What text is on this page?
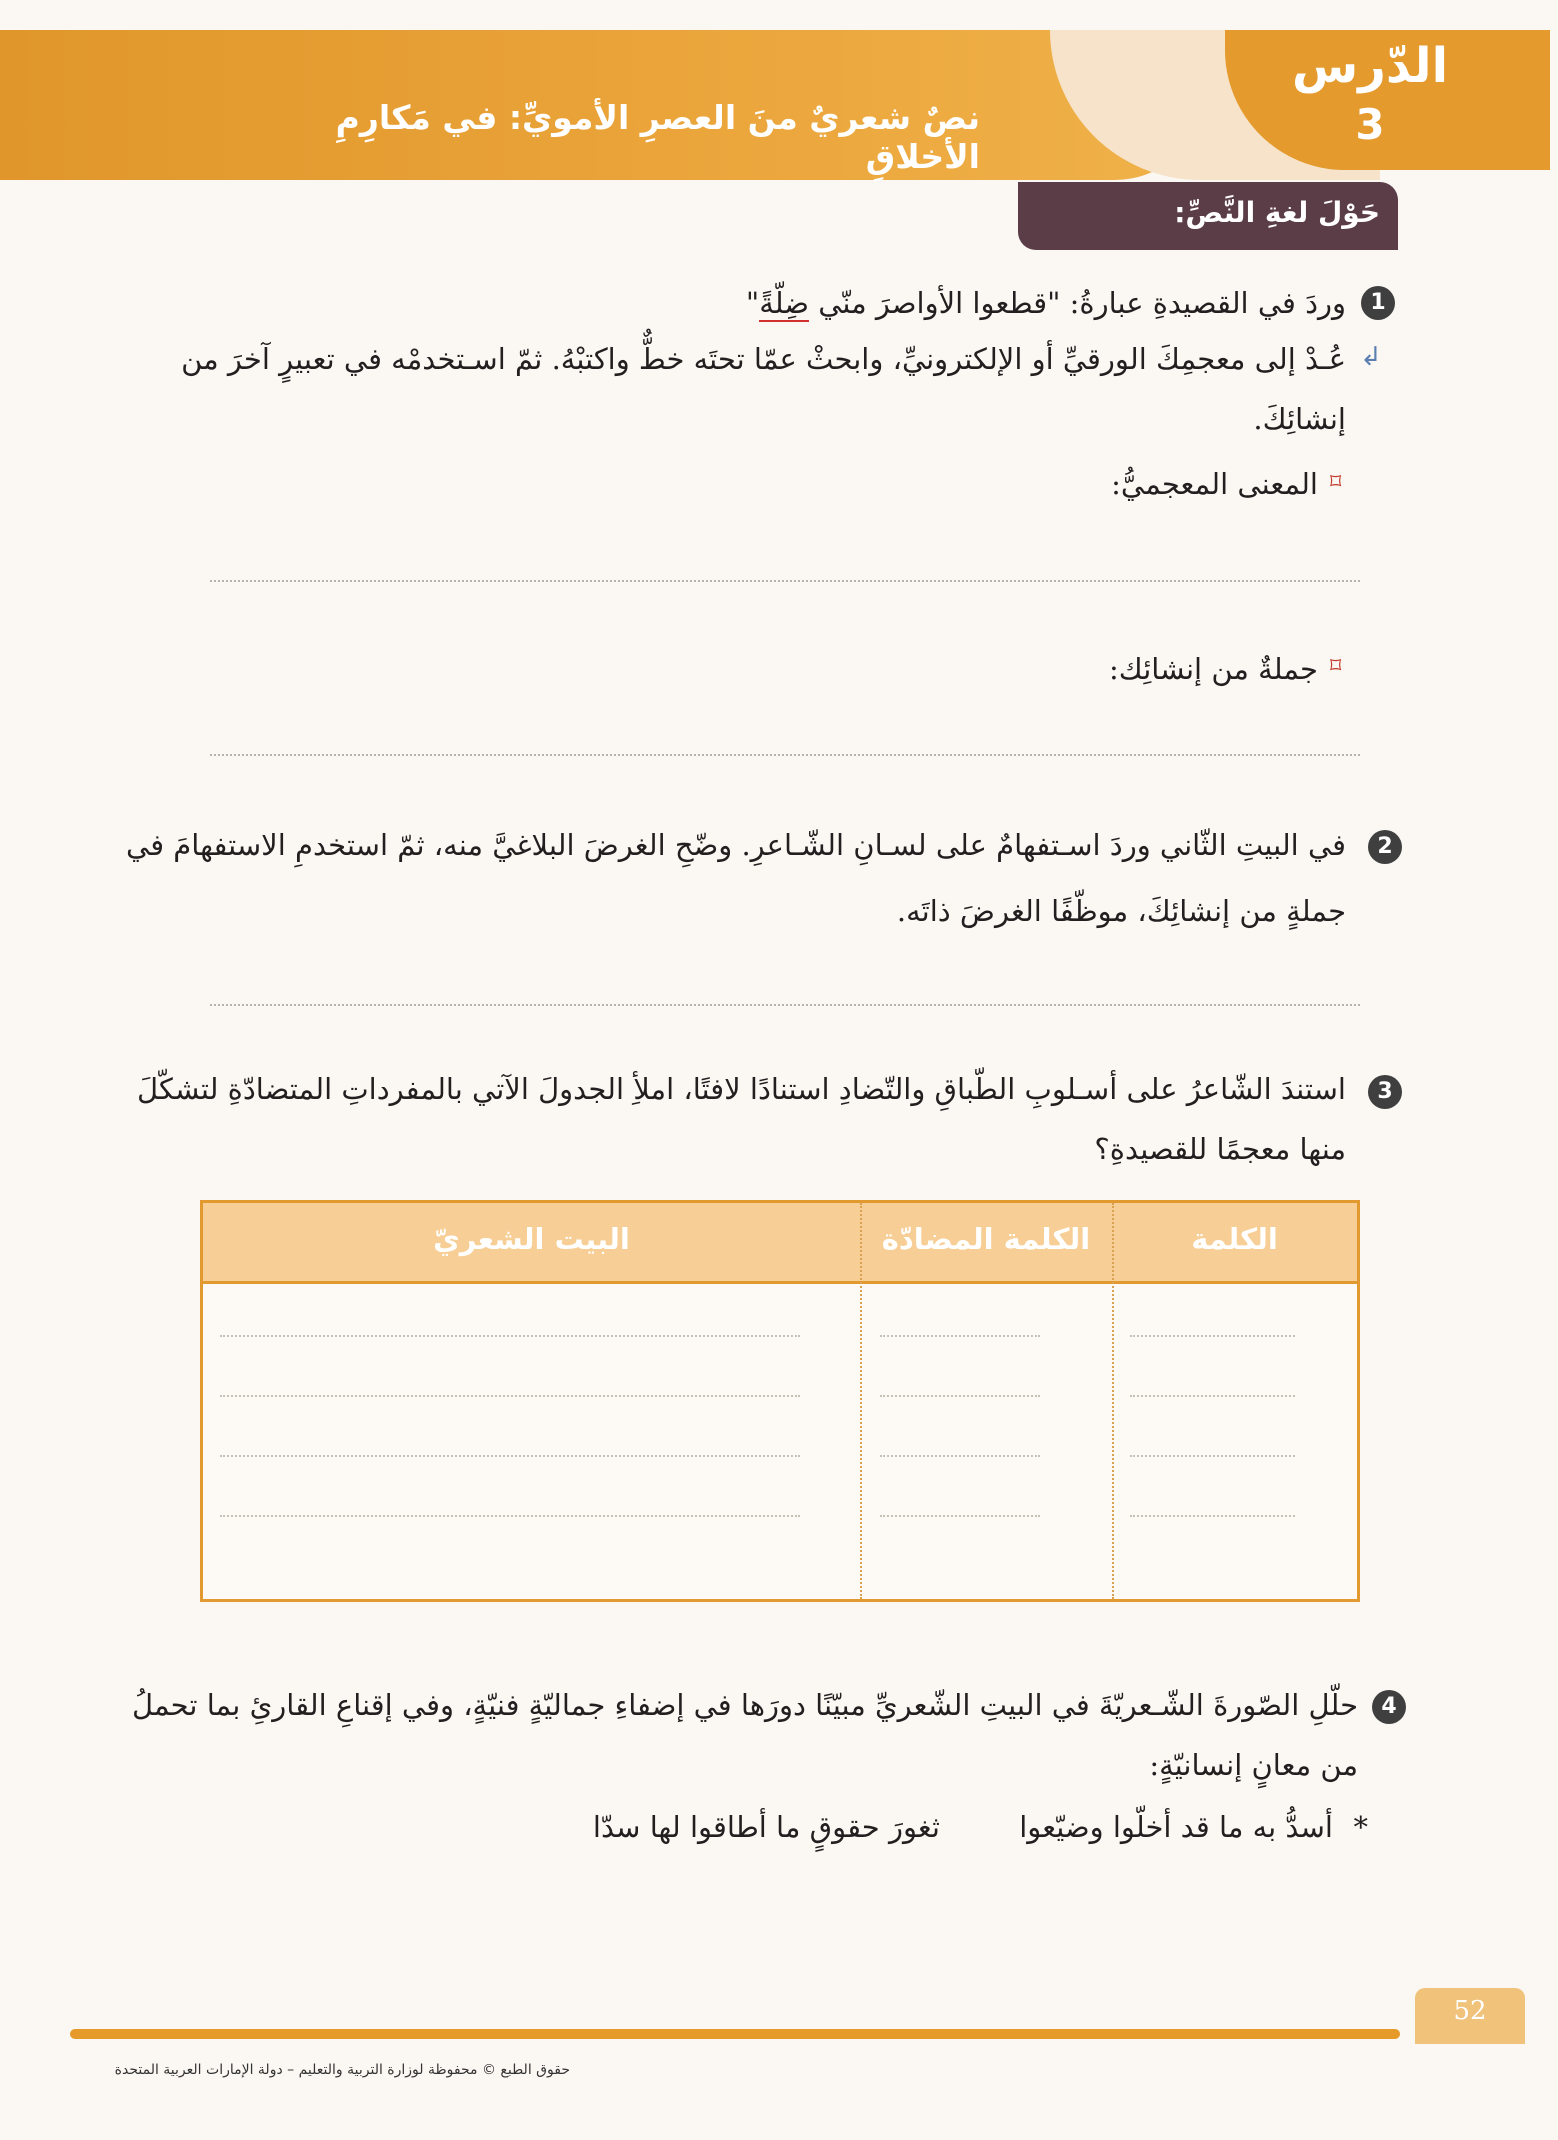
نصٌ شعريٌ منَ العصرِ الأمويِّ: في مَكارِمِ الأخلاقِ
الدّرس
3
حَوْلَ لغةِ النَّصِّ:
1
وردَ في القصيدةِ عبارةُ: "قطعوا الأواصرَ منّي ضِلّةً"
↲
عُـدْ إلى معجمِكَ الورقيِّ أو الإلكترونيِّ، وابحثْ عمّا تحتَه خطٌّ واكتبْهُ. ثمّ اسـتخدمْه في تعبيرٍ آخرَ من
إنشائِكَ.
⌑
المعنى المعجميُّ:
⌑
جملةٌ من إنشائِك:
2
في البيتِ الثّاني وردَ اسـتفهامٌ على لسـانِ الشّـاعرِ. وضّحِ الغرضَ البلاغيَّ منه، ثمّ استخدمِ الاستفهامَ في
جملةٍ من إنشائِكَ، موظّفًا الغرضَ ذاتَه.
3
استندَ الشّاعرُ على أسـلوبِ الطّباقِ والتّضادِ استنادًا لافتًا، املأِ الجدولَ الآتي بالمفرداتِ المتضادّةِ لتشكّلَ
منها معجمًا للقصيدةِ؟
الكلمة
الكلمة المضادّة
البيت الشعريّ
4
حلّلِ الصّورةَ الشّـعريّةَ في البيتِ الشّعريِّ مبيّنًا دورَها في إضفاءِ جماليّةٍ فنيّةٍ، وفي إقناعِ القارئِ بما تحملُ
من معانٍ إنسانيّةٍ:
*
أسدُّ به ما قد أخلّوا وضيّعوا
ثغورَ حقوقٍ ما أطاقوا لها سدّا
52
حقوق الطبع © محفوظة لوزارة التربية والتعليم – دولة الإمارات العربية المتحدة
